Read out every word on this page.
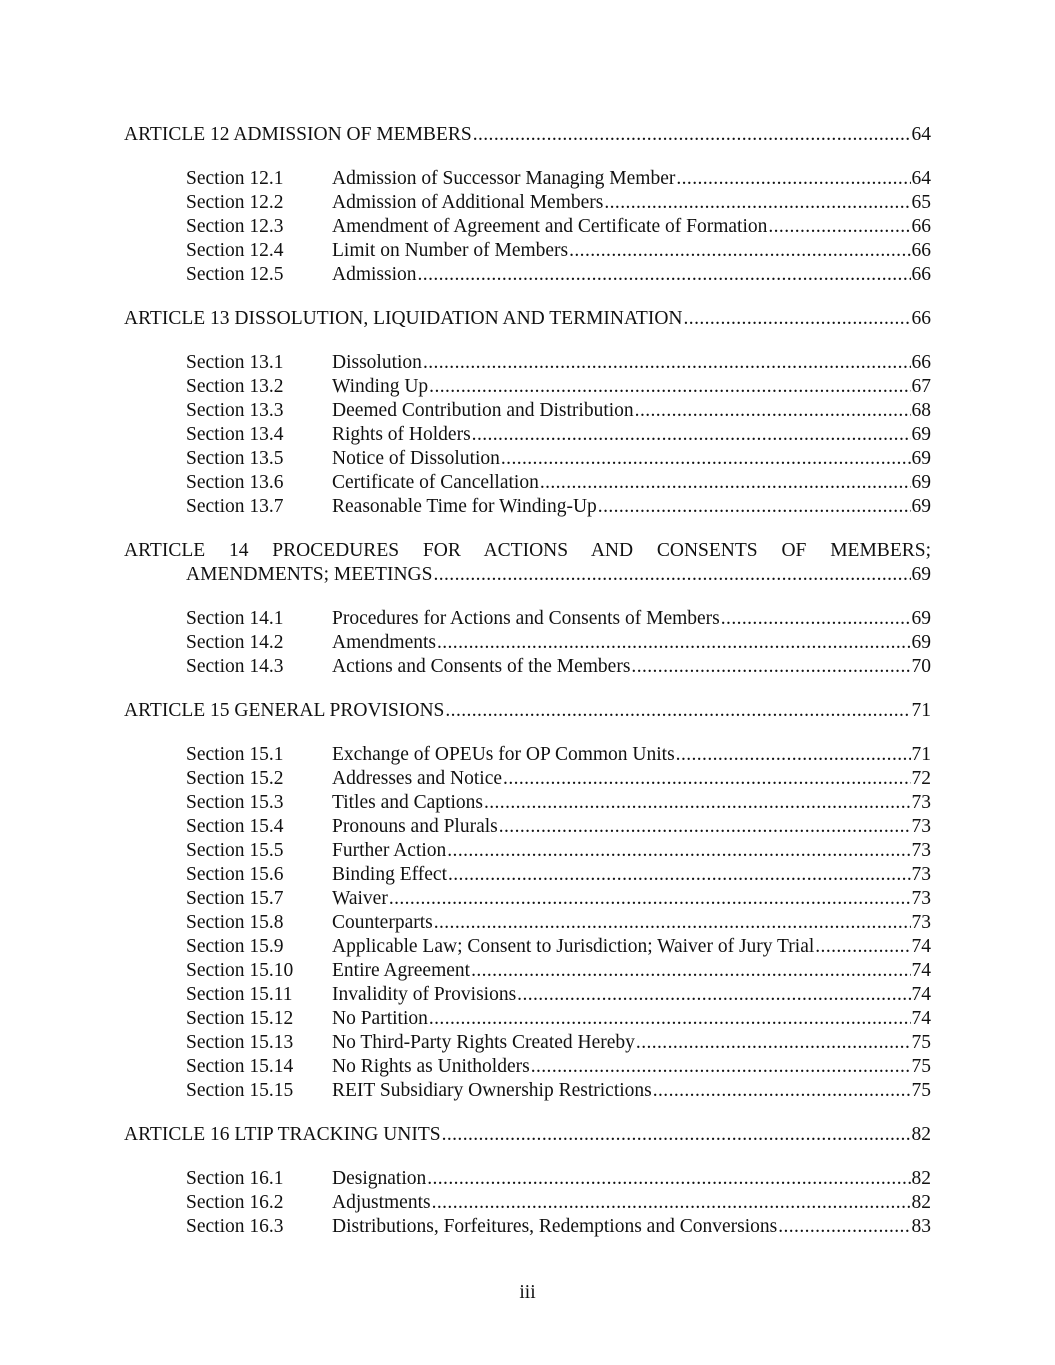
ARTICLE 12 ADMISSION OF MEMBERS .....	64
Section 12.1	Admission of Successor Managing Member .....	64
Section 12.2	Admission of Additional Members .....	65
Section 12.3	Amendment of Agreement and Certificate of Formation .....	66
Section 12.4	Limit on Number of Members .....	66
Section 12.5	Admission .....	66
ARTICLE 13 DISSOLUTION, LIQUIDATION AND TERMINATION .....	66
Section 13.1	Dissolution .....	66
Section 13.2	Winding Up .....	67
Section 13.3	Deemed Contribution and Distribution .....	68
Section 13.4	Rights of Holders .....	69
Section 13.5	Notice of Dissolution .....	69
Section 13.6	Certificate of Cancellation .....	69
Section 13.7	Reasonable Time for Winding-Up .....	69
ARTICLE 14 PROCEDURES FOR ACTIONS AND CONSENTS OF MEMBERS;
AMENDMENTS; MEETINGS .....	69
Section 14.1	Procedures for Actions and Consents of Members .....	69
Section 14.2	Amendments .....	69
Section 14.3	Actions and Consents of the Members .....	70
ARTICLE 15 GENERAL PROVISIONS .....	71
Section 15.1	Exchange of OPEUs for OP Common Units .....	71
Section 15.2	Addresses and Notice .....	72
Section 15.3	Titles and Captions .....	73
Section 15.4	Pronouns and Plurals .....	73
Section 15.5	Further Action .....	73
Section 15.6	Binding Effect .....	73
Section 15.7	Waiver .....	73
Section 15.8	Counterparts .....	73
Section 15.9	Applicable Law; Consent to Jurisdiction; Waiver of Jury Trial .....	74
Section 15.10	Entire Agreement .....	74
Section 15.11	Invalidity of Provisions .....	74
Section 15.12	No Partition .....	74
Section 15.13	No Third-Party Rights Created Hereby .....	75
Section 15.14	No Rights as Unitholders .....	75
Section 15.15	REIT Subsidiary Ownership Restrictions .....	75
ARTICLE 16 LTIP TRACKING UNITS .....	82
Section 16.1	Designation .....	82
Section 16.2	Adjustments .....	82
Section 16.3	Distributions, Forfeitures, Redemptions and Conversions .....	83
iii
